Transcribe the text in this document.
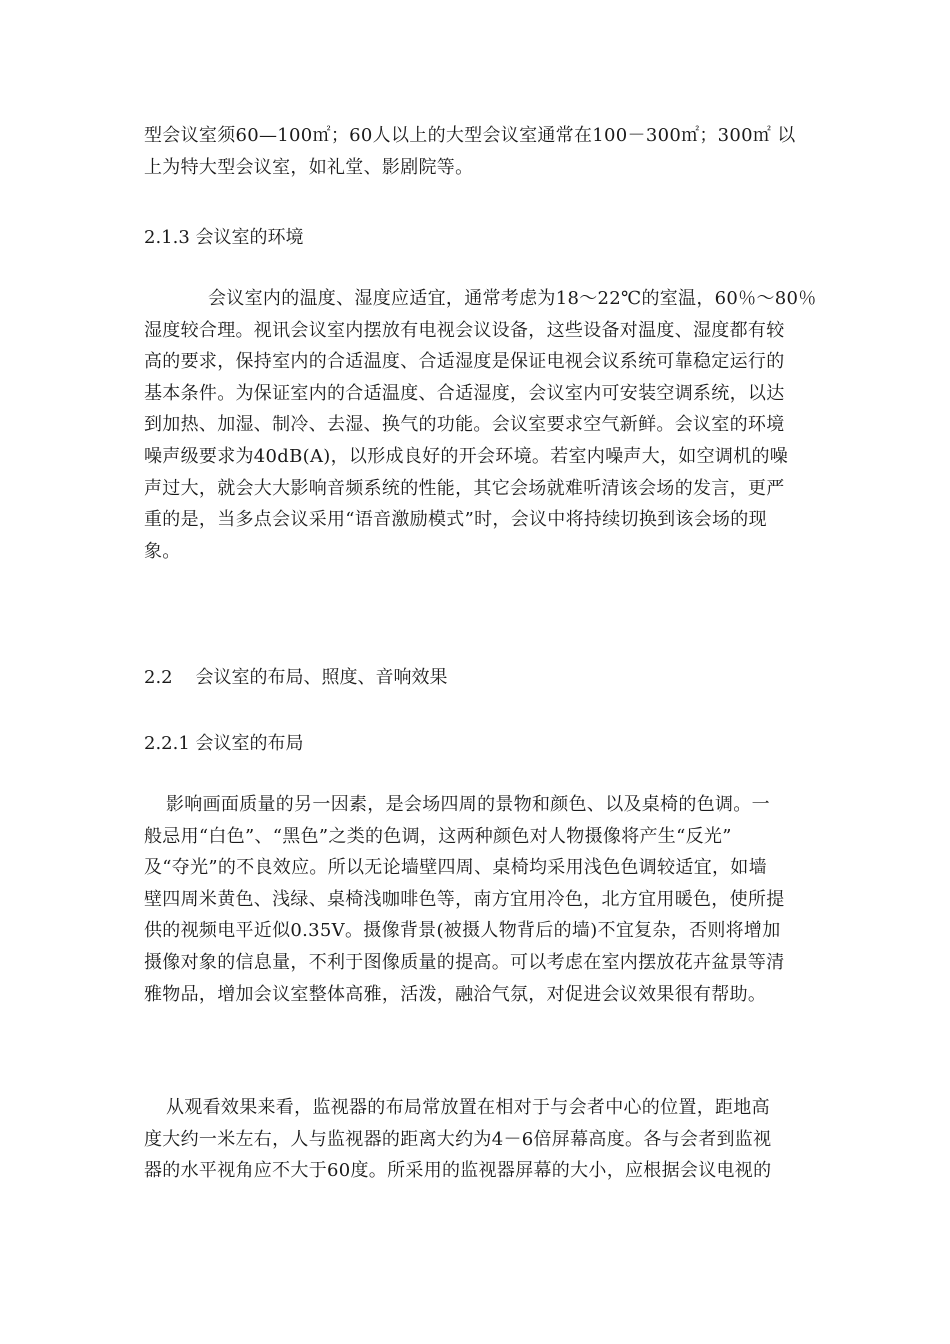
型会议室须60—100㎡；60人以上的大型会议室通常在100－300㎡；300㎡ 以
上为特大型会议室，如礼堂、影剧院等。
2.1.3 会议室的环境
会议室内的温度、湿度应适宜，通常考虑为18～22℃的室温，60％～80％
湿度较合理。视讯会议室内摆放有电视会议设备，这些设备对温度、湿度都有较
高的要求，保持室内的合适温度、合适湿度是保证电视会议系统可靠稳定运行的
基本条件。为保证室内的合适温度、合适湿度，会议室内可安装空调系统，以达
到加热、加湿、制冷、去湿、换气的功能。会议室要求空气新鲜。会议室的环境
噪声级要求为40dB(A)，以形成良好的开会环境。若室内噪声大，如空调机的噪
声过大，就会大大影响音频系统的性能，其它会场就难听清该会场的发言，更严
重的是，当多点会议采用“语音激励模式”时，会议中将持续切换到该会场的现
象。
2.2    会议室的布局、照度、音响效果
2.2.1 会议室的布局
影响画面质量的另一因素，是会场四周的景物和颜色、以及桌椅的色调。一
般忌用“白色”、“黑色”之类的色调，这两种颜色对人物摄像将产生“反光”
及“夺光”的不良效应。所以无论墙壁四周、桌椅均采用浅色色调较适宜，如墙
壁四周米黄色、浅绿、桌椅浅咖啡色等，南方宜用冷色，北方宜用暖色，使所提
供的视频电平近似0.35V。摄像背景(被摄人物背后的墙)不宜复杂，否则将增加
摄像对象的信息量，不利于图像质量的提高。可以考虑在室内摆放花卉盆景等清
雅物品，增加会议室整体高雅，活泼，融洽气氛，对促进会议效果很有帮助。
从观看效果来看，监视器的布局常放置在相对于与会者中心的位置，距地高
度大约一米左右，人与监视器的距离大约为4－6倍屏幕高度。各与会者到监视
器的水平视角应不大于60度。所采用的监视器屏幕的大小，应根据会议电视的
